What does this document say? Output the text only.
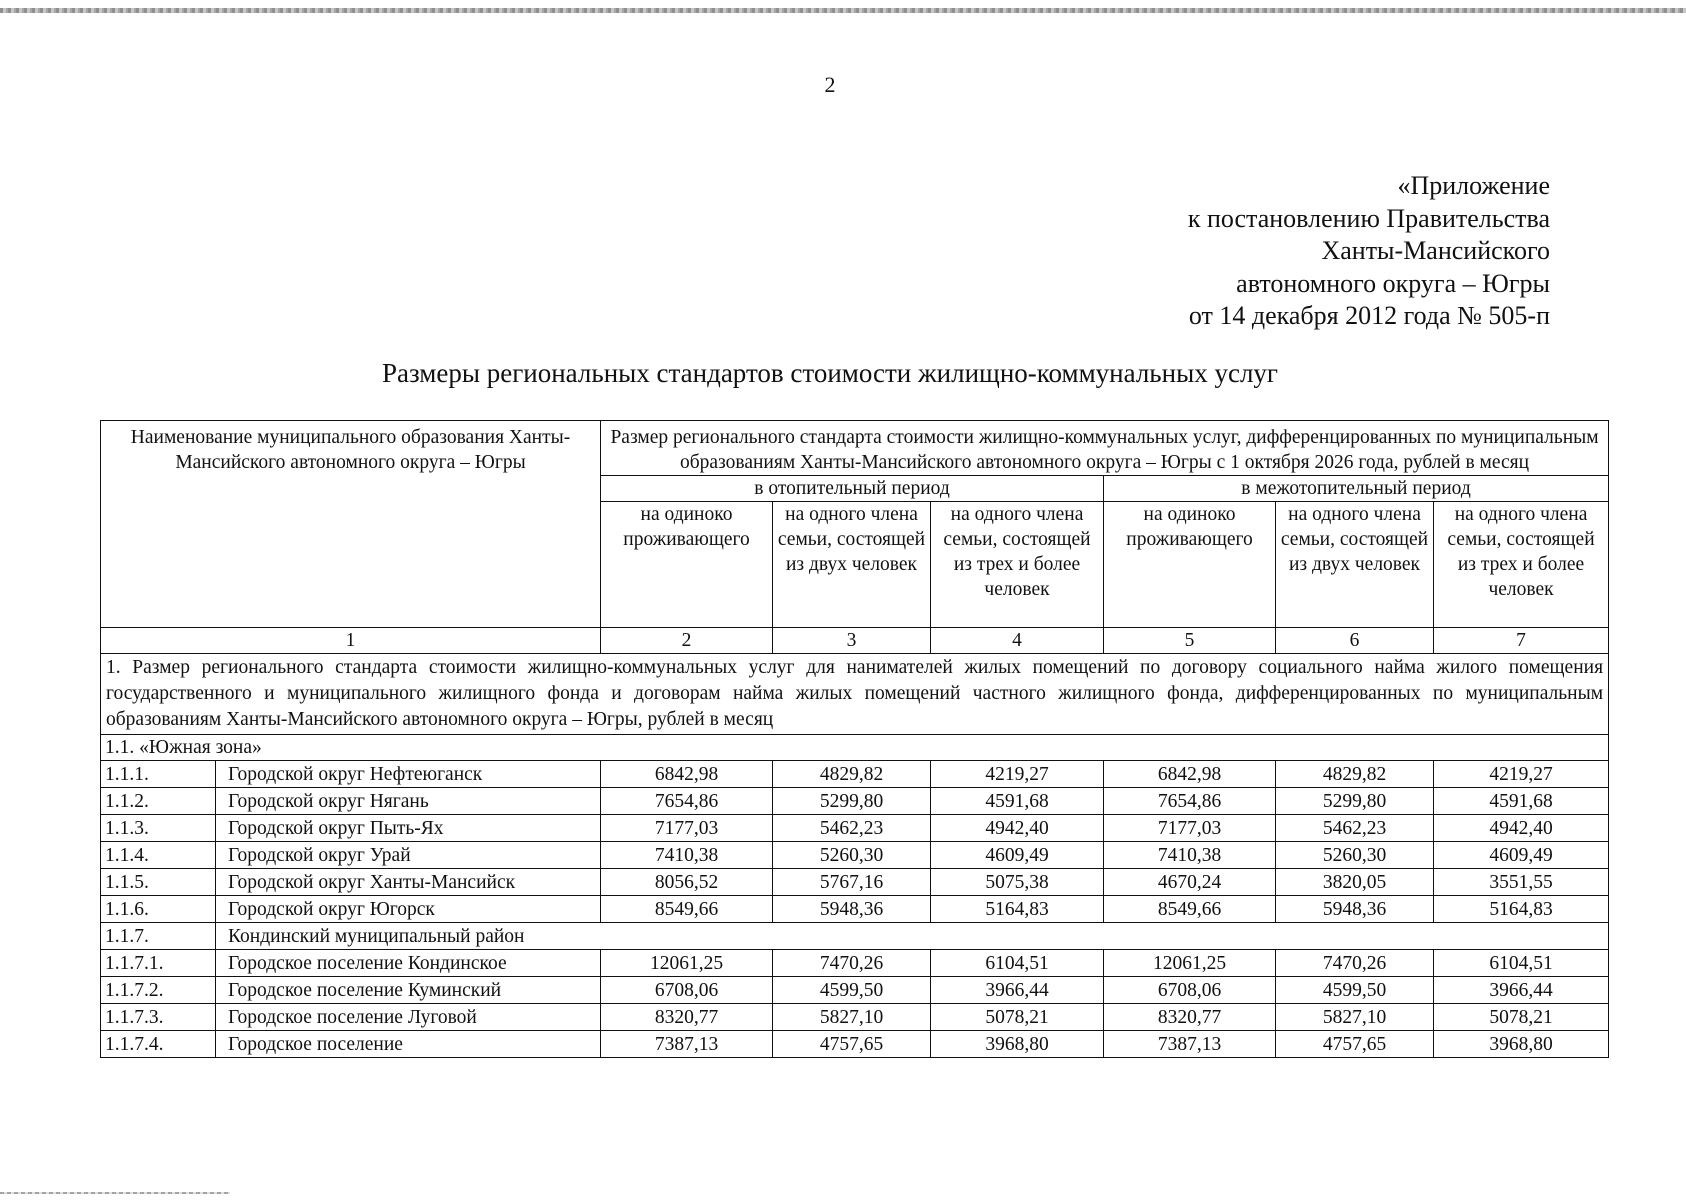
2
«Приложение
к постановлению Правительства
Ханты-Мансийского
автономного округа – Югры
от 14 декабря 2012 года № 505-п
Размеры региональных стандартов стоимости жилищно-коммунальных услуг
Наименование муниципального образования Ханты-Мансийского автономного округа – Югры		Размер регионального стандарта стоимости жилищно-коммунальных услуг, дифференцированных по муниципальным образованиям Ханты-Мансийского автономного округа – Югры с 1 октября 2026 года, рублей в месяц					
		в отопительный период			в межотопительный период		
		на одиноко проживающего	на одного члена семьи, состоящей из двух человек	на одного члена семьи, состоящей из трех и более человек	на одиноко проживающего	на одного члена семьи, состоящей из двух человек	на одного члена семьи, состоящей из трех и более человек
1		2	3	4	5	6	7
1. Размер регионального стандарта стоимости жилищно-коммунальных услуг для нанимателей жилых помещений по договору социального найма жилого помещения государственного и муниципального жилищного фонда и договорам найма жилых помещений частного жилищного фонда, дифференцированных по муниципальным образованиям Ханты-Мансийского автономного округа – Югры, рублей в месяц							
1.1. «Южная зона»							
1.1.1.	Городской округ Нефтеюганск	6842,98	4829,82	4219,27	6842,98	4829,82	4219,27
1.1.2.	Городской округ Нягань	7654,86	5299,80	4591,68	7654,86	5299,80	4591,68
1.1.3.	Городской округ Пыть-Ях	7177,03	5462,23	4942,40	7177,03	5462,23	4942,40
1.1.4.	Городской округ Урай	7410,38	5260,30	4609,49	7410,38	5260,30	4609,49
1.1.5.	Городской округ Ханты-Мансийск	8056,52	5767,16	5075,38	4670,24	3820,05	3551,55
1.1.6.	Городской округ Югорск	8549,66	5948,36	5164,83	8549,66	5948,36	5164,83
1.1.7.	Кондинский муниципальный район						
1.1.7.1.	Городское поселение Кондинское	12061,25	7470,26	6104,51	12061,25	7470,26	6104,51
1.1.7.2.	Городское поселение Куминский	6708,06	4599,50	3966,44	6708,06	4599,50	3966,44
1.1.7.3.	Городское поселение Луговой	8320,77	5827,10	5078,21	8320,77	5827,10	5078,21
1.1.7.4.	Городское поселение	7387,13	4757,65	3968,80	7387,13	4757,65	3968,80
